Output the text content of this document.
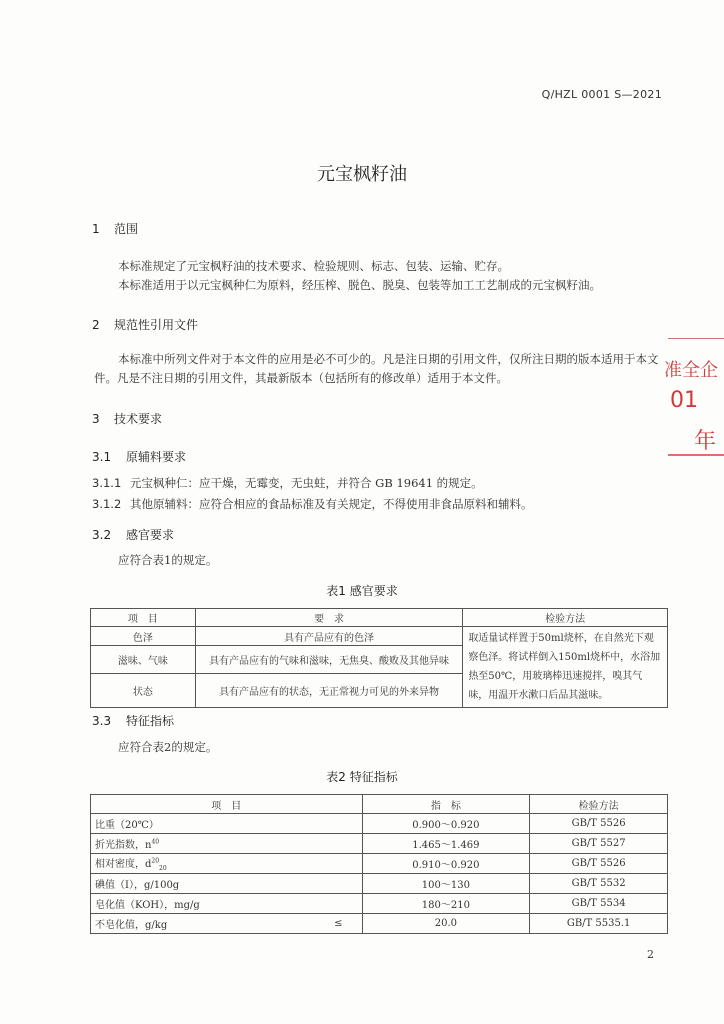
Q/HZL 0001 S—2021
元宝枫籽油
1 范围
本标准规定了元宝枫籽油的技术要求、检验规则、标志、包装、运输、贮存。
本标准适用于以元宝枫种仁为原料，经压榨、脱色、脱臭、包装等加工工艺制成的元宝枫籽油。
2 规范性引用文件
本标准中所列文件对于本文件的应用是必不可少的。凡是注日期的引用文件，仅所注日期的版本适用于本文件。凡是不注日期的引用文件，其最新版本（包括所有的修改单）适用于本文件。
3 技术要求
3.1 原辅料要求
3.1.1 元宝枫种仁：应干燥，无霉变，无虫蛀，并符合 GB 19641 的规定。
3.1.2 其他原辅料：应符合相应的食品标准及有关规定，不得使用非食品原料和辅料。
3.2 感官要求
应符合表1的规定。
表1 感官要求
项　目	要　求	检验方法
色泽	具有产品应有的色泽	取适量试样置于50ml烧杯，在自然光下观察色泽。将试样倒入150ml烧杯中，水浴加热至50℃，用玻璃棒迅速搅拌，嗅其气味，用温开水漱口后品其滋味。
滋味、气味	具有产品应有的气味和滋味，无焦臭、酸败及其他异味	
状态	具有产品应有的状态，无正常视力可见的外来异物	
3.3 特征指标
应符合表2的规定。
表2 特征指标
项　目		指　标	检验方法
比重（20℃）		0.900～0.920	GB/T 5526
折光指数，$n^{40}$		1.465～1.469	GB/T 5527
相对密度，$d^{20}_{20}$		0.910～0.920	GB/T 5526
碘值（I），g/100g		100～130	GB/T 5532
皂化值（KOH），mg/g		180～210	GB/T 5534
不皂化值，g/kg	≤	20.0	GB/T 5535.1
准全企
01
年
2
